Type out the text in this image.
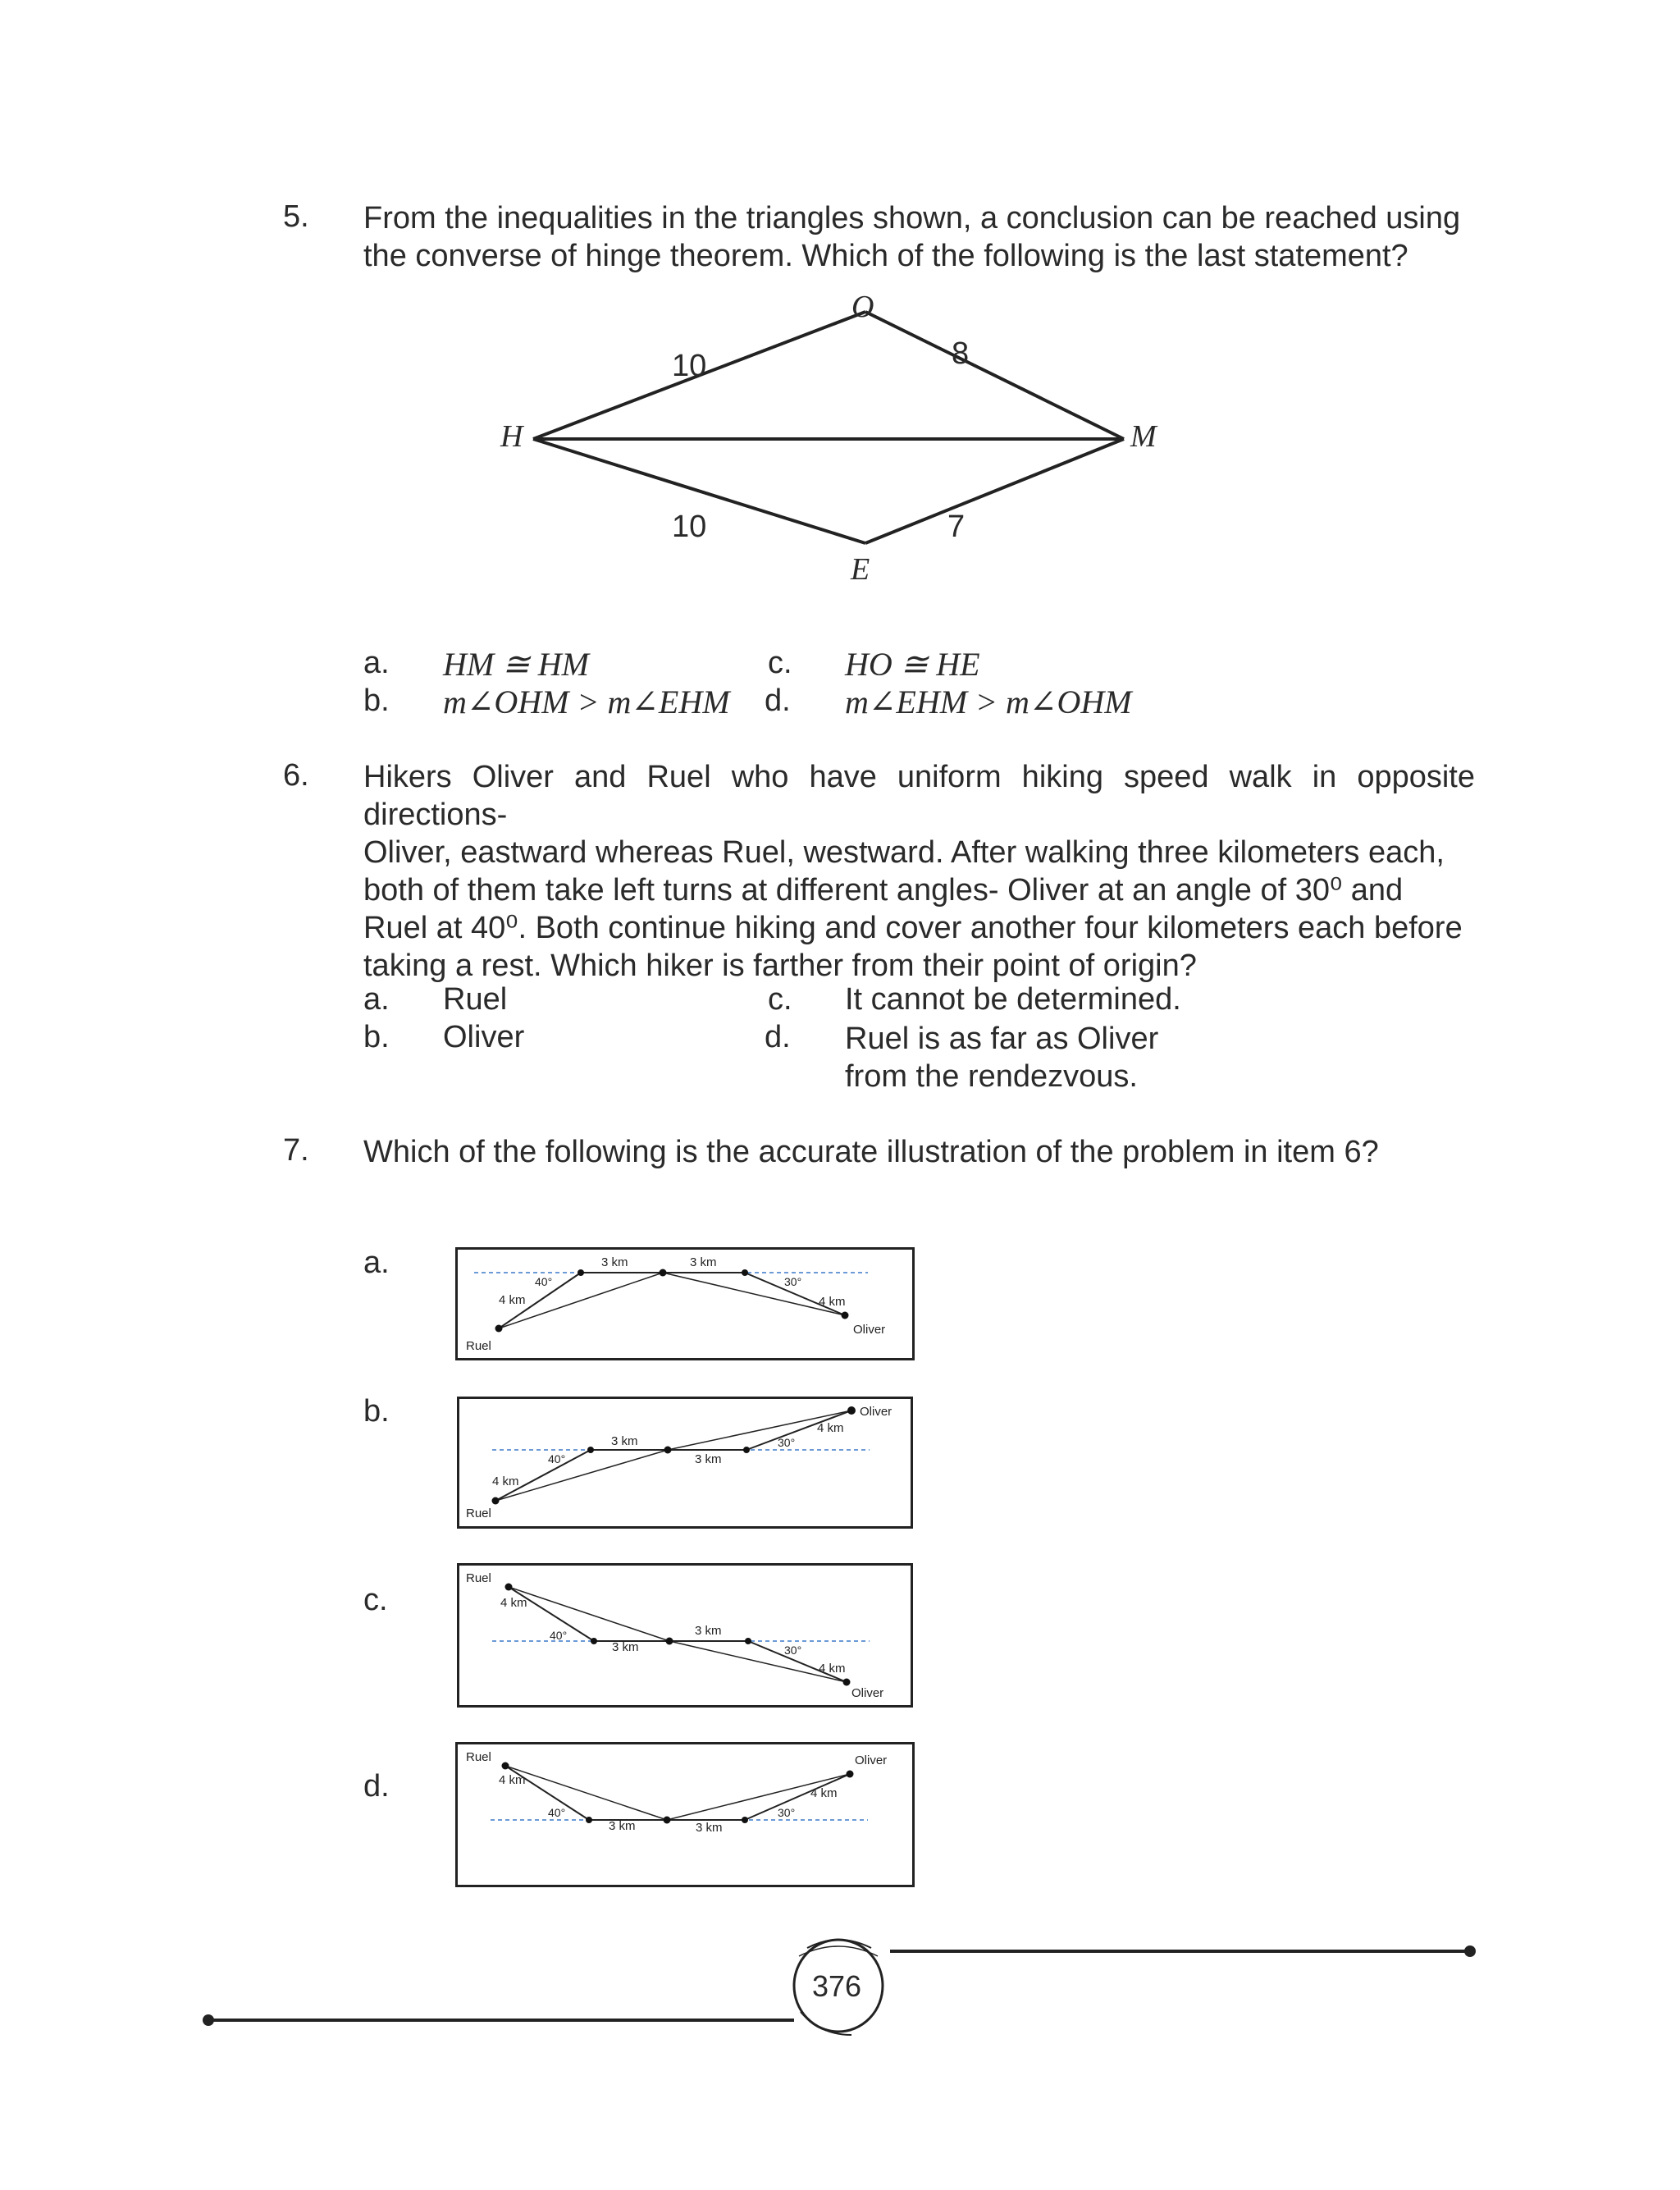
5. From the inequalities in the triangles shown, a conclusion can be reached using
the converse of hinge theorem. Which of the following is the last statement?
O
H	M
E
10	8
10	7
a. HM ≅ HM
b. m∠OHM > m∠EHM
c. HO ≅ HE
d. m∠EHM > m∠OHM
6. Hikers Oliver and Ruel who have uniform hiking speed walk in opposite directions-
Oliver, eastward whereas Ruel, westward. After walking three kilometers each,
both of them take left turns at different angles- Oliver at an angle of 30⁰ and
Ruel at 40⁰. Both continue hiking and cover another four kilometers each before
taking a rest. Which hiker is farther from their point of origin?
a. Ruel
b. Oliver
c. It cannot be determined.
d. Ruel is as far as Oliver
from the rendezvous.
7. Which of the following is the accurate illustration of the problem in item 6?
a.	3 km	3 km
40°
4 km
30°
4 km
Ruel
Oliver
b.
3 km
3 km
40°
4 km
30°
4 km
Ruel
Oliver
c.
3 km
3 km
40°
4 km
30°
4 km
Ruel
Oliver
d.
3 km	3 km
40°
4 km
30°
4 km
Ruel	Oliver
376
